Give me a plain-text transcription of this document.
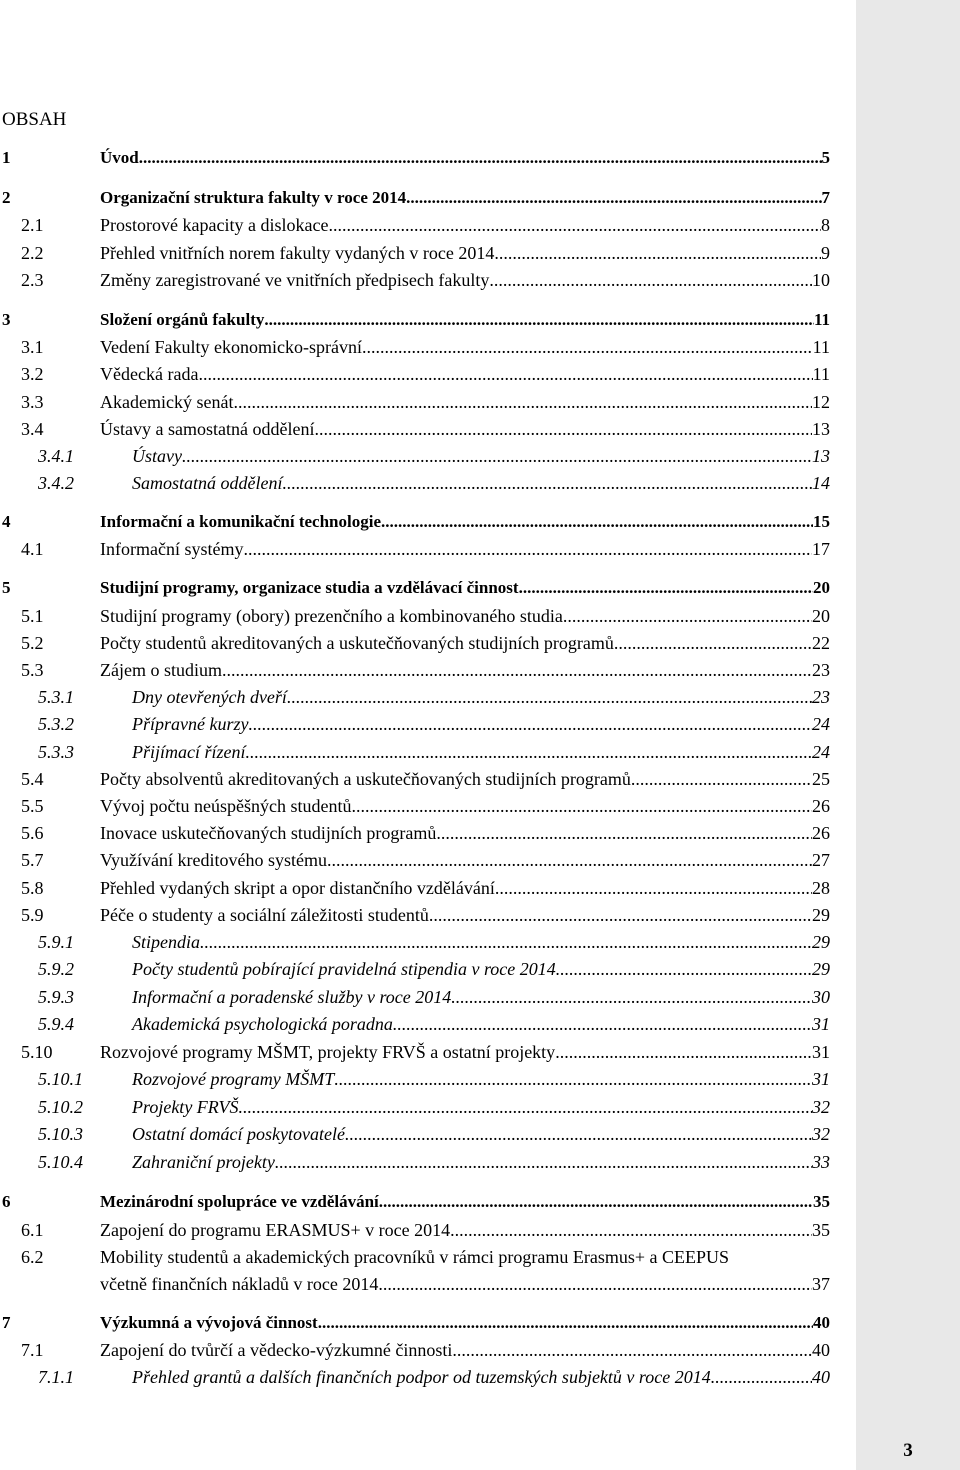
3
OBSAH
1	Úvod .....	5
2	Organizační struktura fakulty v roce 2014 .....	7
2.1	Prostorové kapacity a dislokace .....	8
2.2	Přehled vnitřních norem fakulty vydaných v roce 2014 .....	9
2.3	Změny zaregistrované ve vnitřních předpisech fakulty .....	10
3	Složení orgánů fakulty .....	11
3.1	Vedení Fakulty ekonomicko-správní .....	11
3.2	Vědecká rada .....	11
3.3	Akademický senát .....	12
3.4	Ústavy a samostatná oddělení .....	13
3.4.1	Ústavy .....	13
3.4.2	Samostatná oddělení .....	14
4	Informační a komunikační technologie .....	15
4.1	Informační systémy .....	17
5	Studijní programy, organizace studia a vzdělávací činnost .....	20
5.1	Studijní programy (obory) prezenčního a kombinovaného studia .....	20
5.2	Počty studentů akreditovaných a uskutečňovaných studijních programů .....	22
5.3	Zájem o studium .....	23
5.3.1	Dny otevřených dveří .....	23
5.3.2	Přípravné kurzy .....	24
5.3.3	Přijímací řízení .....	24
5.4	Počty absolventů akreditovaných a uskutečňovaných studijních programů .....	25
5.5	Vývoj počtu neúspěšných studentů .....	26
5.6	Inovace uskutečňovaných studijních programů .....	26
5.7	Využívání kreditového systému .....	27
5.8	Přehled vydaných skript a opor distančního vzdělávání .....	28
5.9	Péče o studenty a sociální záležitosti studentů .....	29
5.9.1	Stipendia .....	29
5.9.2	Počty studentů pobírající pravidelná stipendia v roce 2014 .....	29
5.9.3	Informační a poradenské služby v roce 2014 .....	30
5.9.4	Akademická psychologická poradna .....	31
5.10	Rozvojové programy MŠMT, projekty FRVŠ a ostatní projekty .....	31
5.10.1	Rozvojové programy MŠMT .....	31
5.10.2	Projekty FRVŠ .....	32
5.10.3	Ostatní domácí poskytovatelé .....	32
5.10.4	Zahraniční projekty .....	33
6	Mezinárodní spolupráce ve vzdělávání .....	35
6.1	Zapojení do programu ERASMUS+ v roce 2014 .....	35
6.2	Mobility studentů a akademických pracovníků v rámci programu Erasmus+ a CEEPUS
včetně finančních nákladů v roce 2014 .....	37
7	Výzkumná a vývojová činnost .....	40
7.1	Zapojení do tvůrčí a vědecko-výzkumné činnosti .....	40
7.1.1	Přehled grantů a dalších finančních podpor od tuzemských subjektů v roce 2014 .....	40
